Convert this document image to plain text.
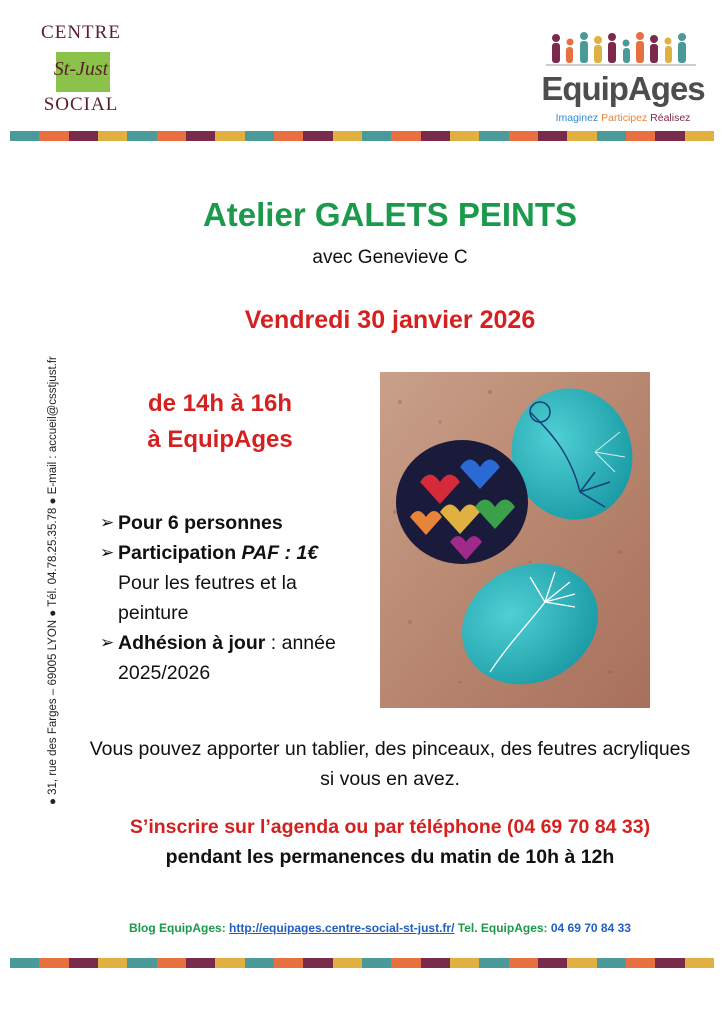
CENTRE
St-Just
SOCIAL	EquipAges
Imaginez Participez Réalisez
● 31, rue des Farges – 69005 LYON ● Tél. 04.78.25.35.78 ● E-mail : accueil@csstjust.fr
Atelier GALETS PEINTS
avec Genevieve C
Vendredi 30 janvier 2026
de 14h à 16h
à EquipAges
➢ Pour 6 personnes
➢ Participation PAF : 1€
Pour les feutres et la peinture
➢ Adhésion à jour : année 2025/2026
Vous pouvez apporter un tablier, des pinceaux, des feutres acryliques si vous en avez.
S’inscrire sur l’agenda ou par téléphone (04 69 70 84 33)
pendant les permanences du matin de 10h à 12h
Blog EquipAges: http://equipages.centre-social-st-just.fr/ Tel. EquipAges: 04 69 70 84 33
